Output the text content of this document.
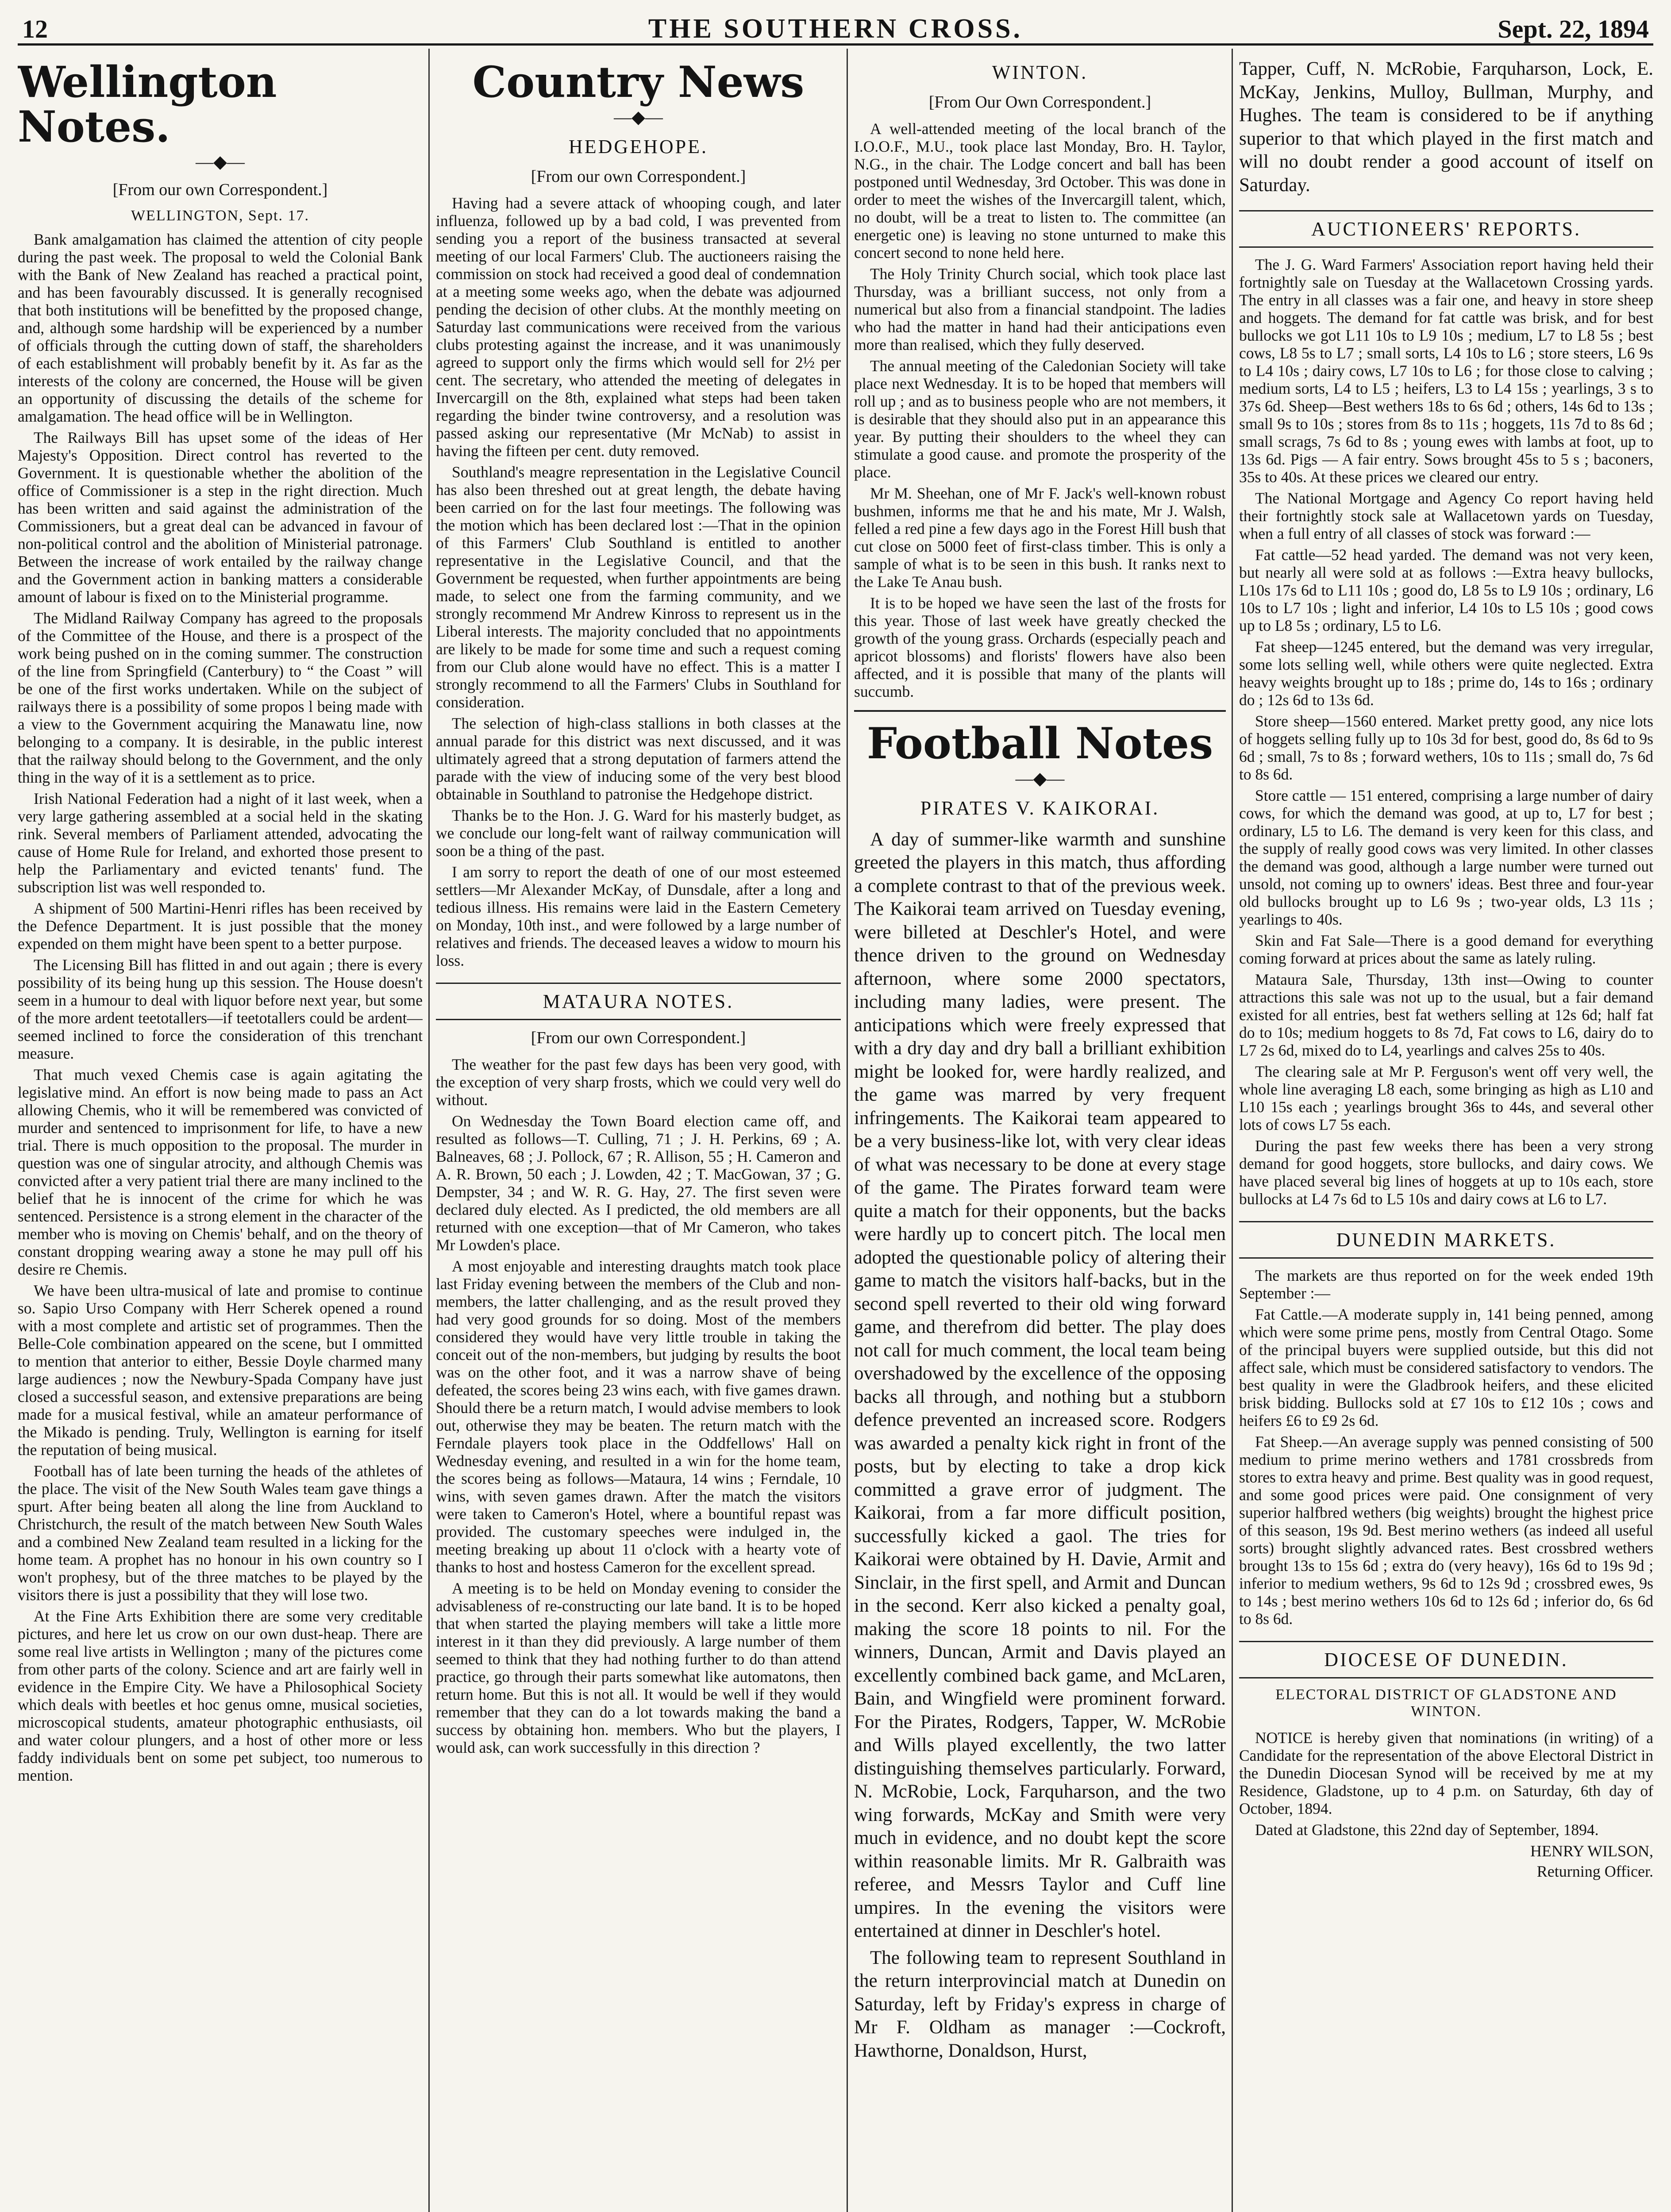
12	THE SOUTHERN CROSS.	Sept. 22, 1894
Wellington Notes.
—◆—
[From our own Correspondent.]
WELLINGTON, Sept. 17.

Bank amalgamation has claimed the attention of city people during the past week. The proposal to weld the Colonial Bank with the Bank of New Zealand has reached a practical point, and has been favourably discussed. It is generally recognised that both institutions will be benefitted by the proposed change, and, although some hardship will be experienced by a number of officials through the cutting down of staff, the shareholders of each establishment will probably benefit by it. As far as the interests of the colony are concerned, the House will be given an opportunity of discussing the details of the scheme for amalgamation. The head office will be in Wellington.

The Railways Bill has upset some of the ideas of Her Majesty's Opposition. Direct control has reverted to the Government. It is questionable whether the abolition of the office of Commissioner is a step in the right direction. Much has been written and said against the administration of the Commissioners, but a great deal can be advanced in favour of non-political control and the abolition of Ministerial patronage. Between the increase of work entailed by the railway change and the Government action in banking matters a considerable amount of labour is fixed on to the Ministerial programme.

The Midland Railway Company has agreed to the proposals of the Committee of the House, and there is a prospect of the work being pushed on in the coming summer. The construction of the line from Springfield (Canterbury) to “ the Coast ” will be one of the first works undertaken. While on the subject of railways there is a possibility of some propos l being made with a view to the Government acquiring the Manawatu line, now belonging to a company. It is desirable, in the public interest that the railway should belong to the Government, and the only thing in the way of it is a settlement as to price.

Irish National Federation had a night of it last week, when a very large gathering assembled at a social held in the skating rink. Several members of Parliament attended, advocating the cause of Home Rule for Ireland, and exhorted those present to help the Parliamentary and evicted tenants' fund. The subscription list was well responded to.

A shipment of 500 Martini-Henri rifles has been received by the Defence Department. It is just possible that the money expended on them might have been spent to a better purpose.

The Licensing Bill has flitted in and out again ; there is every possibility of its being hung up this session. The House doesn't seem in a humour to deal with liquor before next year, but some of the more ardent teetotallers—if teetotallers could be ardent—seemed inclined to force the consideration of this trenchant measure.

That much vexed Chemis case is again agitating the legislative mind. An effort is now being made to pass an Act allowing Chemis, who it will be remembered was convicted of murder and sentenced to imprisonment for life, to have a new trial. There is much opposition to the proposal. The murder in question was one of singular atrocity, and although Chemis was convicted after a very patient trial there are many inclined to the belief that he is innocent of the crime for which he was sentenced. Persistence is a strong element in the character of the member who is moving on Chemis' behalf, and on the theory of constant dropping wearing away a stone he may pull off his desire re Chemis.

We have been ultra-musical of late and promise to continue so. Sapio Urso Company with Herr Scherek opened a round with a most complete and artistic set of programmes. Then the Belle-Cole combination appeared on the scene, but I ommitted to mention that anterior to either, Bessie Doyle charmed many large audiences ; now the Newbury-Spada Company have just closed a successful season, and extensive preparations are being made for a musical festival, while an amateur performance of the Mikado is pending. Truly, Wellington is earning for itself the reputation of being musical.

Football has of late been turning the heads of the athletes of the place. The visit of the New South Wales team gave things a spurt. After being beaten all along the line from Auckland to Christchurch, the result of the match between New South Wales and a combined New Zealand team resulted in a licking for the home team. A prophet has no honour in his own country so I won't prophesy, but of the three matches to be played by the visitors there is just a possibility that they will lose two.

At the Fine Arts Exhibition there are some very creditable pictures, and here let us crow on our own dust-heap. There are some real live artists in Wellington ; many of the pictures come from other parts of the colony. Science and art are fairly well in evidence in the Empire City. We have a Philosophical Society which deals with beetles et hoc genus omne, musical societies, microscopical students, amateur photographic enthusiasts, oil and water colour plungers, and a host of other more or less faddy individuals bent on some pet subject, too numerous to mention.

Country News
—◆—
HEDGEHOPE.
[From our own Correspondent.]

Having had a severe attack of whooping cough, and later influenza, followed up by a bad cold, I was prevented from sending you a report of the business transacted at several meeting of our local Farmers' Club. The auctioneers raising the commission on stock had received a good deal of condemnation at a meeting some weeks ago, when the debate was adjourned pending the decision of other clubs. At the monthly meeting on Saturday last communications were received from the various clubs protesting against the increase, and it was unanimously agreed to support only the firms which would sell for 2½ per cent. The secretary, who attended the meeting of delegates in Invercargill on the 8th, explained what steps had been taken regarding the binder twine controversy, and a resolution was passed asking our representative (Mr McNab) to assist in having the fifteen per cent. duty removed.

Southland's meagre representation in the Legislative Council has also been threshed out at great length, the debate having been carried on for the last four meetings. The following was the motion which has been declared lost :—That in the opinion of this Farmers' Club Southland is entitled to another representative in the Legislative Council, and that the Government be requested, when further appointments are being made, to select one from the farming community, and we strongly recommend Mr Andrew Kinross to represent us in the Liberal interests. The majority concluded that no appointments are likely to be made for some time and such a request coming from our Club alone would have no effect. This is a matter I strongly recommend to all the Farmers' Clubs in Southland for consideration.

The selection of high-class stallions in both classes at the annual parade for this district was next discussed, and it was ultimately agreed that a strong deputation of farmers attend the parade with the view of inducing some of the very best blood obtainable in Southland to patronise the Hedgehope district.

Thanks be to the Hon. J. G. Ward for his masterly budget, as we conclude our long-felt want of railway communication will soon be a thing of the past.

I am sorry to report the death of one of our most esteemed settlers—Mr Alexander McKay, of Dunsdale, after a long and tedious illness. His remains were laid in the Eastern Cemetery on Monday, 10th inst., and were followed by a large number of relatives and friends. The deceased leaves a widow to mourn his loss.

MATAURA NOTES.
[From our own Correspondent.]

The weather for the past few days has been very good, with the exception of very sharp frosts, which we could very well do without.

On Wednesday the Town Board election came off, and resulted as follows—T. Culling, 71 ; J. H. Perkins, 69 ; A. Balneaves, 68 ; J. Pollock, 67 ; R. Allison, 55 ; H. Cameron and A. R. Brown, 50 each ; J. Lowden, 42 ; T. MacGowan, 37 ; G. Dempster, 34 ; and W. R. G. Hay, 27. The first seven were declared duly elected. As I predicted, the old members are all returned with one exception—that of Mr Cameron, who takes Mr Lowden's place.

A most enjoyable and interesting draughts match took place last Friday evening between the members of the Club and non-members, the latter challenging, and as the result proved they had very good grounds for so doing. Most of the members considered they would have very little trouble in taking the conceit out of the non-members, but judging by results the boot was on the other foot, and it was a narrow shave of being defeated, the scores being 23 wins each, with five games drawn. Should there be a return match, I would advise members to look out, otherwise they may be beaten. The return match with the Ferndale players took place in the Oddfellows' Hall on Wednesday evening, and resulted in a win for the home team, the scores being as follows—Mataura, 14 wins ; Ferndale, 10 wins, with seven games drawn. After the match the visitors were taken to Cameron's Hotel, where a bountiful repast was provided. The customary speeches were indulged in, the meeting breaking up about 11 o'clock with a hearty vote of thanks to host and hostess Cameron for the excellent spread.

A meeting is to be held on Monday evening to consider the advisableness of re-constructing our late band. It is to be hoped that when started the playing members will take a little more interest in it than they did previously. A large number of them seemed to think that they had nothing further to do than attend practice, go through their parts somewhat like automatons, then return home. But this is not all. It would be well if they would remember that they can do a lot towards making the band a success by obtaining hon. members. Who but the players, I would ask, can work successfully in this direction ?

WINTON.
[From Our Own Correspondent.]

A well-attended meeting of the local branch of the I.O.O.F., M.U., took place last Monday, Bro. H. Taylor, N.G., in the chair. The Lodge concert and ball has been postponed until Wednesday, 3rd October. This was done in order to meet the wishes of the Invercargill talent, which, no doubt, will be a treat to listen to. The committee (an energetic one) is leaving no stone unturned to make this concert second to none held here.

The Holy Trinity Church social, which took place last Thursday, was a brilliant success, not only from a numerical but also from a financial standpoint. The ladies who had the matter in hand had their anticipations even more than realised, which they fully deserved.

The annual meeting of the Caledonian Society will take place next Wednesday. It is to be hoped that members will roll up ; and as to business people who are not members, it is desirable that they should also put in an appearance this year. By putting their shoulders to the wheel they can stimulate a good cause. and promote the prosperity of the place.

Mr M. Sheehan, one of Mr F. Jack's well-known robust bushmen, informs me that he and his mate, Mr J. Walsh, felled a red pine a few days ago in the Forest Hill bush that cut close on 5000 feet of first-class timber. This is only a sample of what is to be seen in this bush. It ranks next to the Lake Te Anau bush.

It is to be hoped we have seen the last of the frosts for this year. Those of last week have greatly checked the growth of the young grass. Orchards (especially peach and apricot blossoms) and florists' flowers have also been affected, and it is possible that many of the plants will succumb.

Football Notes
—◆—
PIRATES V. KAIKORAI.

A day of summer-like warmth and sunshine greeted the players in this match, thus affording a complete contrast to that of the previous week. The Kaikorai team arrived on Tuesday evening, were billeted at Deschler's Hotel, and were thence driven to the ground on Wednesday afternoon, where some 2000 spectators, including many ladies, were present. The anticipations which were freely expressed that with a dry day and dry ball a brilliant exhibition might be looked for, were hardly realized, and the game was marred by very frequent infringements. The Kaikorai team appeared to be a very business-like lot, with very clear ideas of what was necessary to be done at every stage of the game. The Pirates forward team were quite a match for their opponents, but the backs were hardly up to concert pitch. The local men adopted the questionable policy of altering their game to match the visitors half-backs, but in the second spell reverted to their old wing forward game, and therefrom did better. The play does not call for much comment, the local team being overshadowed by the excellence of the opposing backs all through, and nothing but a stubborn defence prevented an increased score. Rodgers was awarded a penalty kick right in front of the posts, but by electing to take a drop kick committed a grave error of judgment. The Kaikorai, from a far more difficult position, successfully kicked a gaol. The tries for Kaikorai were obtained by H. Davie, Armit and Sinclair, in the first spell, and Armit and Duncan in the second. Kerr also kicked a penalty goal, making the score 18 points to nil. For the winners, Duncan, Armit and Davis played an excellently combined back game, and McLaren, Bain, and Wingfield were prominent forward. For the Pirates, Rodgers, Tapper, W. McRobie and Wills played excellently, the two latter distinguishing themselves particularly. Forward, N. McRobie, Lock, Farquharson, and the two wing forwards, McKay and Smith were very much in evidence, and no doubt kept the score within reasonable limits. Mr R. Galbraith was referee, and Messrs Taylor and Cuff line umpires. In the evening the visitors were entertained at dinner in Deschler's hotel.

The following team to represent Southland in the return interprovincial match at Dunedin on Saturday, left by Friday's express in charge of Mr F. Oldham as manager :—Cockroft, Hawthorne, Donaldson, Hurst,

Tapper, Cuff, N. McRobie, Farquharson, Lock, E. McKay, Jenkins, Mulloy, Bullman, Murphy, and Hughes. The team is considered to be if anything superior to that which played in the first match and will no doubt render a good account of itself on Saturday.

AUCTIONEERS' REPORTS.

The J. G. Ward Farmers' Association report having held their fortnightly sale on Tuesday at the Wallacetown Crossing yards. The entry in all classes was a fair one, and heavy in store sheep and hoggets. The demand for fat cattle was brisk, and for best bullocks we got L11 10s to L9 10s ; medium, L7 to L8 5s ; best cows, L8 5s to L7 ; small sorts, L4 10s to L6 ; store steers, L6 9s to L4 10s ; dairy cows, L7 10s to L6 ; for those close to calving ; medium sorts, L4 to L5 ; heifers, L3 to L4 15s ; yearlings, 3 s to 37s 6d. Sheep—Best wethers 18s to 6s 6d ; others, 14s 6d to 13s ; small 9s to 10s ; stores from 8s to 11s ; hoggets, 11s 7d to 8s 6d ; small scrags, 7s 6d to 8s ; young ewes with lambs at foot, up to 13s 6d. Pigs — A fair entry. Sows brought 45s to 5 s ; baconers, 35s to 40s. At these prices we cleared our entry.

The National Mortgage and Agency Co report having held their fortnightly stock sale at Wallacetown yards on Tuesday, when a full entry of all classes of stock was forward :—

Fat cattle—52 head yarded. The demand was not very keen, but nearly all were sold at as follows :—Extra heavy bullocks, L10s 17s 6d to L11 10s ; good do, L8 5s to L9 10s ; ordinary, L6 10s to L7 10s ; light and inferior, L4 10s to L5 10s ; good cows up to L8 5s ; ordinary, L5 to L6.

Fat sheep—1245 entered, but the demand was very irregular, some lots selling well, while others were quite neglected. Extra heavy weights brought up to 18s ; prime do, 14s to 16s ; ordinary do ; 12s 6d to 13s 6d.

Store sheep—1560 entered. Market pretty good, any nice lots of hoggets selling fully up to 10s 3d for best, good do, 8s 6d to 9s 6d ; small, 7s to 8s ; forward wethers, 10s to 11s ; small do, 7s 6d to 8s 6d.

Store cattle — 151 entered, comprising a large number of dairy cows, for which the demand was good, at up to, L7 for best ; ordinary, L5 to L6. The demand is very keen for this class, and the supply of really good cows was very limited. In other classes the demand was good, although a large number were turned out unsold, not coming up to owners' ideas. Best three and four-year old bullocks brought up to L6 9s ; two-year olds, L3 11s ; yearlings to 40s.

Skin and Fat Sale—There is a good demand for everything coming forward at prices about the same as lately ruling.

Mataura Sale, Thursday, 13th inst—Owing to counter attractions this sale was not up to the usual, but a fair demand existed for all entries, best fat wethers selling at 12s 6d; half fat do to 10s; medium hoggets to 8s 7d, Fat cows to L6, dairy do to L7 2s 6d, mixed do to L4, yearlings and calves 25s to 40s.

The clearing sale at Mr P. Ferguson's went off very well, the whole line averaging L8 each, some bringing as high as L10 and L10 15s each ; yearlings brought 36s to 44s, and several other lots of cows L7 5s each.

During the past few weeks there has been a very strong demand for good hoggets, store bullocks, and dairy cows. We have placed several big lines of hoggets at up to 10s each, store bullocks at L4 7s 6d to L5 10s and dairy cows at L6 to L7.

DUNEDIN MARKETS.

The markets are thus reported on for the week ended 19th September :—

Fat Cattle.—A moderate supply in, 141 being penned, among which were some prime pens, mostly from Central Otago. Some of the principal buyers were supplied outside, but this did not affect sale, which must be considered satisfactory to vendors. The best quality in were the Gladbrook heifers, and these elicited brisk bidding. Bullocks sold at £7 10s to £12 10s ; cows and heifers £6 to £9 2s 6d.

Fat Sheep.—An average supply was penned consisting of 500 medium to prime merino wethers and 1781 crossbreds from stores to extra heavy and prime. Best quality was in good request, and some good prices were paid. One consignment of very superior halfbred wethers (big weights) brought the highest price of this season, 19s 9d. Best merino wethers (as indeed all useful sorts) brought slightly advanced rates. Best crossbred wethers brought 13s to 15s 6d ; extra do (very heavy), 16s 6d to 19s 9d ; inferior to medium wethers, 9s 6d to 12s 9d ; crossbred ewes, 9s to 14s ; best merino wethers 10s 6d to 12s 6d ; inferior do, 6s 6d to 8s 6d.

DIOCESE OF DUNEDIN.
ELECTORAL DISTRICT OF GLADSTONE AND WINTON.

NOTICE is hereby given that nominations (in writing) of a Candidate for the representation of the above Electoral District in the Dunedin Diocesan Synod will be received by me at my Residence, Gladstone, up to 4 p.m. on Saturday, 6th day of October, 1894.

Dated at Gladstone, this 22nd day of September, 1894.

HENRY WILSON,

Returning Officer.
